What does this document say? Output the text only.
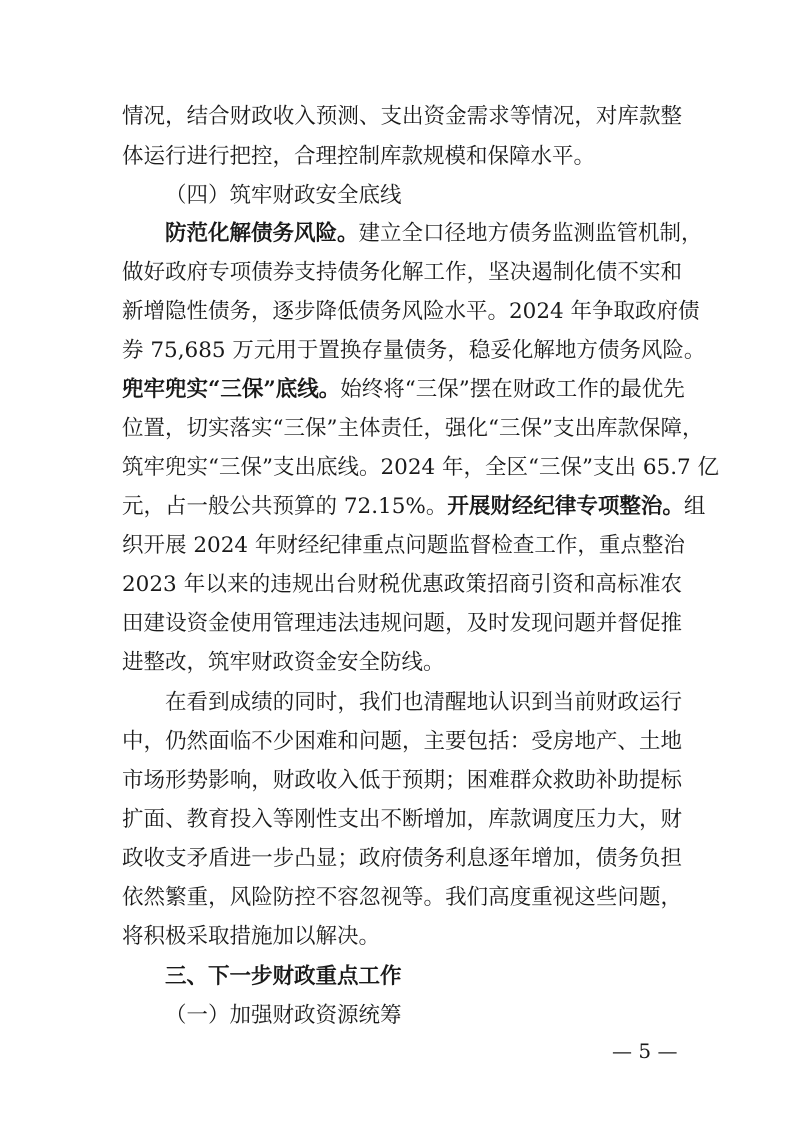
情况，结合财政收入预测、支出资金需求等情况，对库款整
体运行进行把控，合理控制库款规模和保障水平。
（四）筑牢财政安全底线
防范化解债务风险。建立全口径地方债务监测监管机制，
做好政府专项债券支持债务化解工作，坚决遏制化债不实和
新增隐性债务，逐步降低债务风险水平。2024 年争取政府债
券 75,685 万元用于置换存量债务，稳妥化解地方债务风险。
兜牢兜实“三保”底线。始终将“三保”摆在财政工作的最优先
位置，切实落实“三保”主体责任，强化“三保”支出库款保障，
筑牢兜实“三保”支出底线。2024 年，全区“三保”支出 65.7 亿
元，占一般公共预算的 72.15%。开展财经纪律专项整治。组
织开展 2024 年财经纪律重点问题监督检查工作，重点整治
2023 年以来的违规出台财税优惠政策招商引资和高标准农
田建设资金使用管理违法违规问题，及时发现问题并督促推
进整改，筑牢财政资金安全防线。
在看到成绩的同时，我们也清醒地认识到当前财政运行
中，仍然面临不少困难和问题，主要包括：受房地产、土地
市场形势影响，财政收入低于预期；困难群众救助补助提标
扩面、教育投入等刚性支出不断增加，库款调度压力大，财
政收支矛盾进一步凸显；政府债务利息逐年增加，债务负担
依然繁重，风险防控不容忽视等。我们高度重视这些问题，
将积极采取措施加以解决。
三、下一步财政重点工作
（一）加强财政资源统筹
— 5 —
